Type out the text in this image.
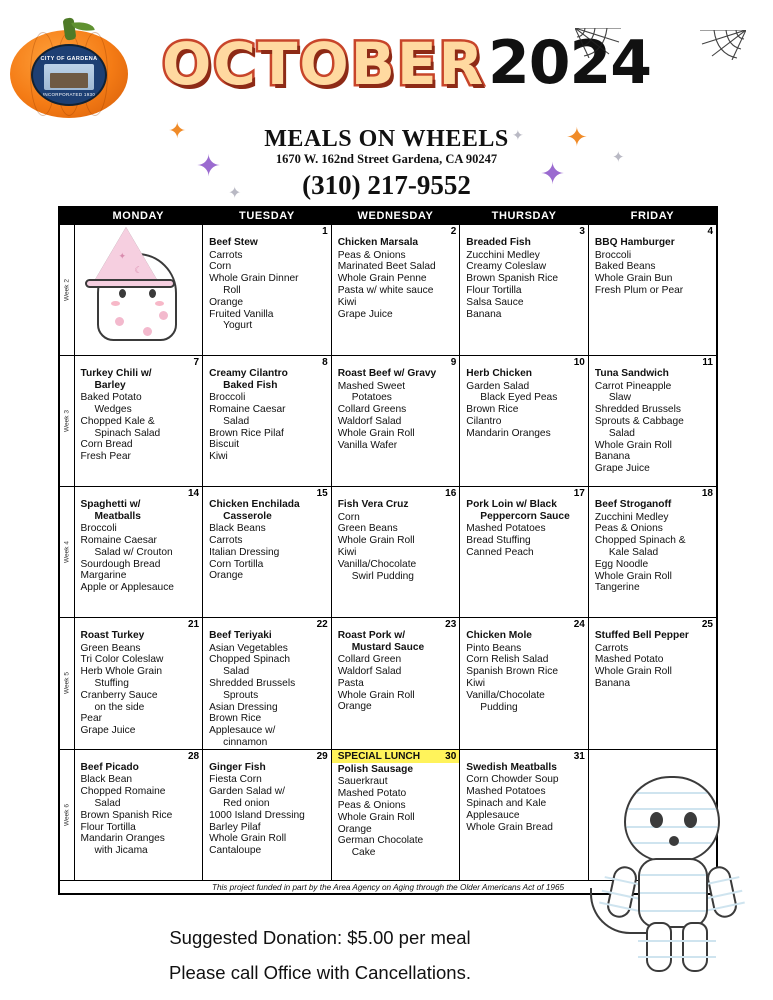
CITY OF GARDENA
INCORPORATED 1930 OCTOBER 2024
✦
✦
✦
✦
✦
✦
✦
MEALS ON WHEELS
1670 W. 162nd Street Gardena, CA 90247
(310) 217-9552
	MONDAY	TUESDAY	WEDNESDAY	THURSDAY	FRIDAY

Week 2

✦
☾

1
Beef Stew
Carrots
Corn
Whole Grain Dinner
Roll
Orange
Fruited Vanilla
Yogurt

2
Chicken Marsala
Peas & Onions
Marinated Beet Salad
Whole Grain Penne
Pasta w/ white sauce
Kiwi
Grape Juice

3
Breaded Fish
Zucchini Medley
Creamy Coleslaw
Brown Spanish Rice
Flour Tortilla
Salsa Sauce
Banana

4
BBQ Hamburger
Broccoli
Baked Beans
Whole Grain Bun
Fresh Plum or Pear

Week 3

7
Turkey Chili w/
Barley
Baked Potato
Wedges
Chopped Kale &
Spinach Salad
Corn Bread
Fresh Pear

8
Creamy Cilantro
Baked Fish
Broccoli
Romaine Caesar
Salad
Brown Rice Pilaf
Biscuit
Kiwi

9
Roast Beef w/ Gravy
Mashed Sweet
Potatoes
Collard Greens
Waldorf Salad
Whole Grain Roll
Vanilla Wafer

10
Herb Chicken
Garden Salad
Black Eyed Peas
Brown Rice
Cilantro
Mandarin Oranges

11
Tuna Sandwich
Carrot Pineapple
Slaw
Shredded Brussels
Sprouts & Cabbage
Salad
Whole Grain Roll
Banana
Grape Juice

Week 4

14
Spaghetti w/
Meatballs
Broccoli
Romaine Caesar
Salad w/ Crouton
Sourdough Bread
Margarine
Apple or Applesauce

15
Chicken Enchilada
Casserole
Black Beans
Carrots
Italian Dressing
Corn Tortilla
Orange

16
Fish Vera Cruz
Corn
Green Beans
Whole Grain Roll
Kiwi
Vanilla/Chocolate
Swirl Pudding

17
Pork Loin w/ Black
Peppercorn Sauce
Mashed Potatoes
Bread Stuffing
Canned Peach

18
Beef Stroganoff
Zucchini Medley
Peas & Onions
Chopped Spinach &
Kale Salad
Egg Noodle
Whole Grain Roll
Tangerine

Week 5

21
Roast Turkey
Green Beans
Tri Color Coleslaw
Herb Whole Grain
Stuffing
Cranberry Sauce
on the side
Pear
Grape Juice

22
Beef Teriyaki
Asian Vegetables
Chopped Spinach
Salad
Shredded Brussels
Sprouts
Asian Dressing
Brown Rice
Applesauce w/
cinnamon

23
Roast Pork w/
Mustard Sauce
Collard Green
Waldorf Salad
Pasta
Whole Grain Roll
Orange

24
Chicken Mole
Pinto Beans
Corn Relish Salad
Spanish Brown Rice
Kiwi
Vanilla/Chocolate
Pudding

25
Stuffed Bell Pepper
Carrots
Mashed Potato
Whole Grain Roll
Banana

Week 6

28
Beef Picado
Black Bean
Chopped Romaine
Salad
Brown Spanish Rice
Flour Tortilla
Mandarin Oranges
with Jicama

29
Ginger Fish
Fiesta Corn
Garden Salad w/
Red onion
1000 Island Dressing
Barley Pilaf
Whole Grain Roll
Cantaloupe

30
SPECIAL LUNCH
Polish Sausage
Sauerkraut
Mashed Potato
Peas & Onions
Whole Grain Roll
Orange
German Chocolate
Cake

31
Swedish Meatballs
Corn Chowder Soup
Mashed Potatoes
Spinach and Kale
Applesauce
Whole Grain Bread

This project funded in part by the Area Agency on Aging through the Older Americans Act of 1965					
Suggested Donation: $5.00 per meal
Please call Office with Cancellations.
